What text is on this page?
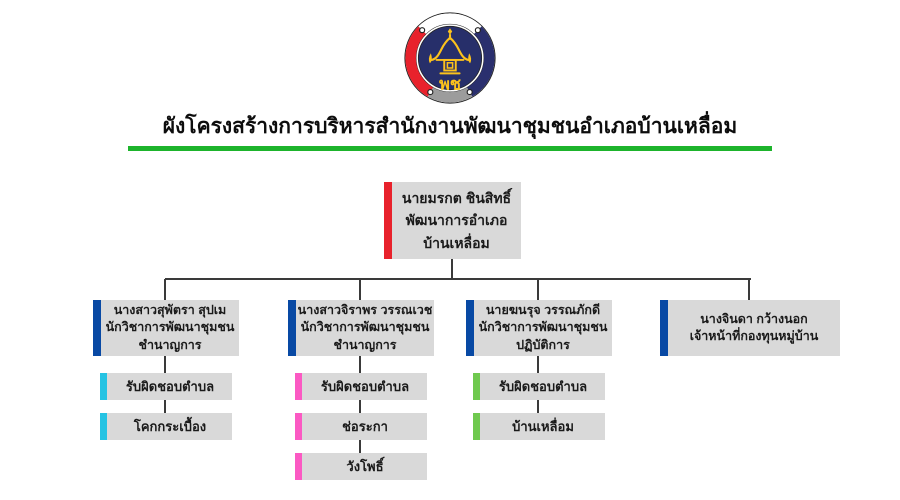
พช
ผังโครงสร้างการบริหารสำนักงานพัฒนาชุมชนอำเภอบ้านเหลื่อม
นายมรกต ชินสิทธิ์
พัฒนาการอำเภอ
บ้านเหลื่อม
นางสาวสุพัตรา สุปเม
นักวิชาการพัฒนาชุมชน
ชำนาญการ
นางสาวจิราพร วรรณเวช
นักวิชาการพัฒนาชุมชน
ชำนาญการ
นายฆนรุจ วรรณภักดี
นักวิชาการพัฒนาชุมชน
ปฏิบัติการ
นางจินดา กว้างนอก
เจ้าหน้าที่กองทุนหมู่บ้าน
รับผิดชอบตำบล
โคกกระเบื้อง
รับผิดชอบตำบล
ช่อระกา
วังโพธิ์
รับผิดชอบตำบล
บ้านเหลื่อม
